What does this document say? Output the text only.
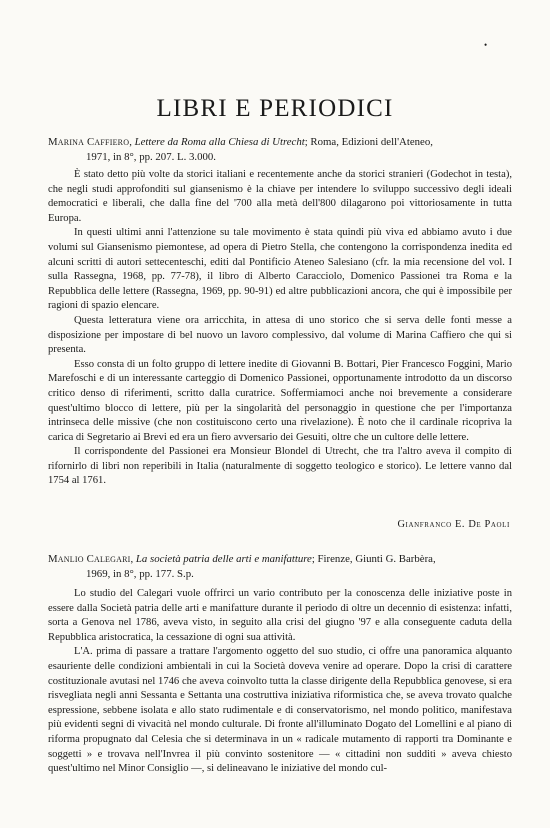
•
LIBRI E PERIODICI
Marina Caffiero, Lettere da Roma alla Chiesa di Utrecht; Roma, Edizioni dell'Ateneo,
1971, in 8°, pp. 207. L. 3.000.

È stato detto più volte da storici italiani e recentemente anche da storici stranieri (Godechot in testa), che negli studi approfonditi sul giansenismo è la chiave per intendere lo sviluppo successivo degli ideali democratici e liberali, che dalla fine del '700 alla metà dell'800 dilagarono poi vittoriosamente in tutta Europa.

In questi ultimi anni l'attenzione su tale movimento è stata quindi più viva ed abbiamo avuto i due volumi sul Giansenismo piemontese, ad opera di Pietro Stella, che contengono la corrispondenza inedita ed alcuni scritti di autori settecenteschi, editi dal Pontificio Ateneo Salesiano (cfr. la mia recensione del vol. I sulla Rassegna, 1968, pp. 77-78), il libro di Alberto Caracciolo, Domenico Passionei tra Roma e la Repubblica delle lettere (Rassegna, 1969, pp. 90-91) ed altre pubblicazioni ancora, che qui è impossibile per ragioni di spazio elencare.

Questa letteratura viene ora arricchita, in attesa di uno storico che si serva delle fonti messe a disposizione per impostare di bel nuovo un lavoro complessivo, dal volume di Marina Caffiero che qui si presenta.

Esso consta di un folto gruppo di lettere inedite di Giovanni B. Bottari, Pier Francesco Foggini, Mario Marefoschi e di un interessante carteggio di Domenico Passionei, opportunamente introdotto da un discorso critico denso di riferimenti, scritto dalla curatrice. Soffermiamoci anche noi brevemente a considerare quest'ultimo blocco di lettere, più per la singolarità del personaggio in questione che per l'importanza intrinseca delle missive (che non costituiscono certo una rivelazione). È noto che il cardinale ricopriva la carica di Segretario ai Brevi ed era un fiero avversario dei Gesuiti, oltre che un cultore delle lettere.

Il corrispondente del Passionei era Monsieur Blondel di Utrecht, che tra l'altro aveva il compito di rifornirlo di libri non reperibili in Italia (naturalmente di soggetto teologico e storico). Le lettere vanno dal 1754 al 1761.

Gianfranco E. De Paoli
Manlio Calegari, La società patria delle arti e manifatture; Firenze, Giunti G. Barbèra,
1969, in 8°, pp. 177. S.p.

Lo studio del Calegari vuole offrirci un vario contributo per la conoscenza delle iniziative poste in essere dalla Società patria delle arti e manifatture durante il periodo di oltre un decennio di esistenza: infatti, sorta a Genova nel 1786, aveva visto, in seguito alla crisi del giugno '97 e alla conseguente caduta della Repubblica aristocratica, la cessazione di ogni sua attività.

L'A. prima di passare a trattare l'argomento oggetto del suo studio, ci offre una panoramica alquanto esauriente delle condizioni ambientali in cui la Società doveva venire ad operare. Dopo la crisi di carattere costituzionale avutasi nel 1746 che aveva coinvolto tutta la classe dirigente della Repubblica genovese, si era risvegliata negli anni Sessanta e Settanta una costruttiva iniziativa riformistica che, se aveva trovato qualche espressione, sebbene isolata e allo stato rudimentale e di conservatorismo, nel mondo politico, manifestava più evidenti segni di vivacità nel mondo culturale. Di fronte all'illuminato Dogato del Lomellini e al piano di riforma propugnato dal Celesia che si determinava in un « radicale mutamento di rapporti tra Dominante e soggetti » e trovava nell'Invrea il più convinto sostenitore — « cittadini non sudditi » aveva chiesto quest'ultimo nel Minor Consiglio —, si delineavano le iniziative del mondo cul-
